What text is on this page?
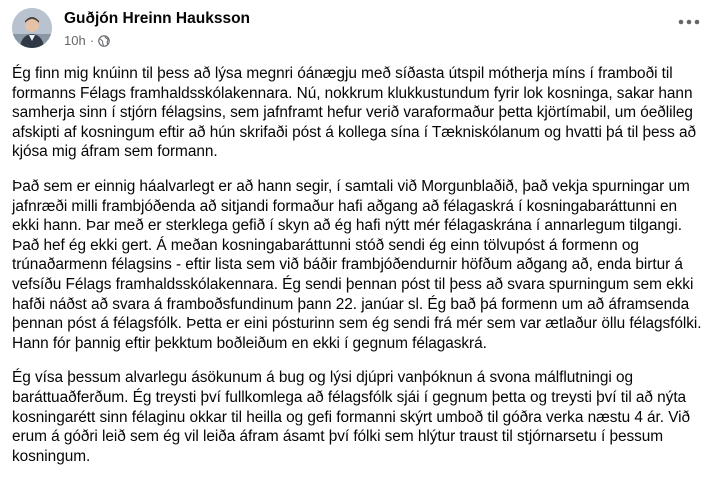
Guðjón Hreinn Hauksson
10h ·

Ég finn mig knúinn til þess að lýsa megnri óánægju með síðasta útspil mótherja míns í framboði til formanns Félags framhaldsskólakennara. Nú, nokkrum klukkustundum fyrir lok kosninga, sakar hann samherja sinn í stjórn félagsins, sem jafnframt hefur verið varaformaður þetta kjörtímabil, um óeðlileg afskipti af kosningum eftir að hún skrifaði póst á kollega sína í Tækniskólanum og hvatti þá til þess að kjósa mig áfram sem formann.

Það sem er einnig háalvarlegt er að hann segir, í samtali við Morgunblaðið, það vekja spurningar um jafnræði milli frambjóðenda að sitjandi formaður hafi aðgang að félagaskrá í kosningabaráttunni en ekki hann. Þar með er sterklega gefið í skyn að ég hafi nýtt mér félagaskrána í annarlegum tilgangi. Það hef ég ekki gert. Á meðan kosningabaráttunni stóð sendi ég einn tölvupóst á formenn og trúnaðarmenn félagsins - eftir lista sem við báðir frambjóðendurnir höfðum aðgang að, enda birtur á vefsíðu Félags framhaldsskólakennara. Ég sendi þennan póst til þess að svara spurningum sem ekki hafði náðst að svara á framboðsfundinum þann 22. janúar sl. Ég bað þá formenn um að áframsenda þennan póst á félagsfólk. Þetta er eini pósturinn sem ég sendi frá mér sem var ætlaður öllu félagsfólki. Hann fór þannig eftir þekktum boðleiðum en ekki í gegnum félagaskrá.

Ég vísa þessum alvarlegu ásökunum á bug og lýsi djúpri vanþóknun á svona málflutningi og baráttuaðferðum. Ég treysti því fullkomlega að félagsfólk sjái í gegnum þetta og treysti því til að nýta kosningarétt sinn félaginu okkar til heilla og gefi formanni skýrt umboð til góðra verka næstu 4 ár. Við erum á góðri leið sem ég vil leiða áfram ásamt því fólki sem hlýtur traust til stjórnarsetu í þessum kosningum.
